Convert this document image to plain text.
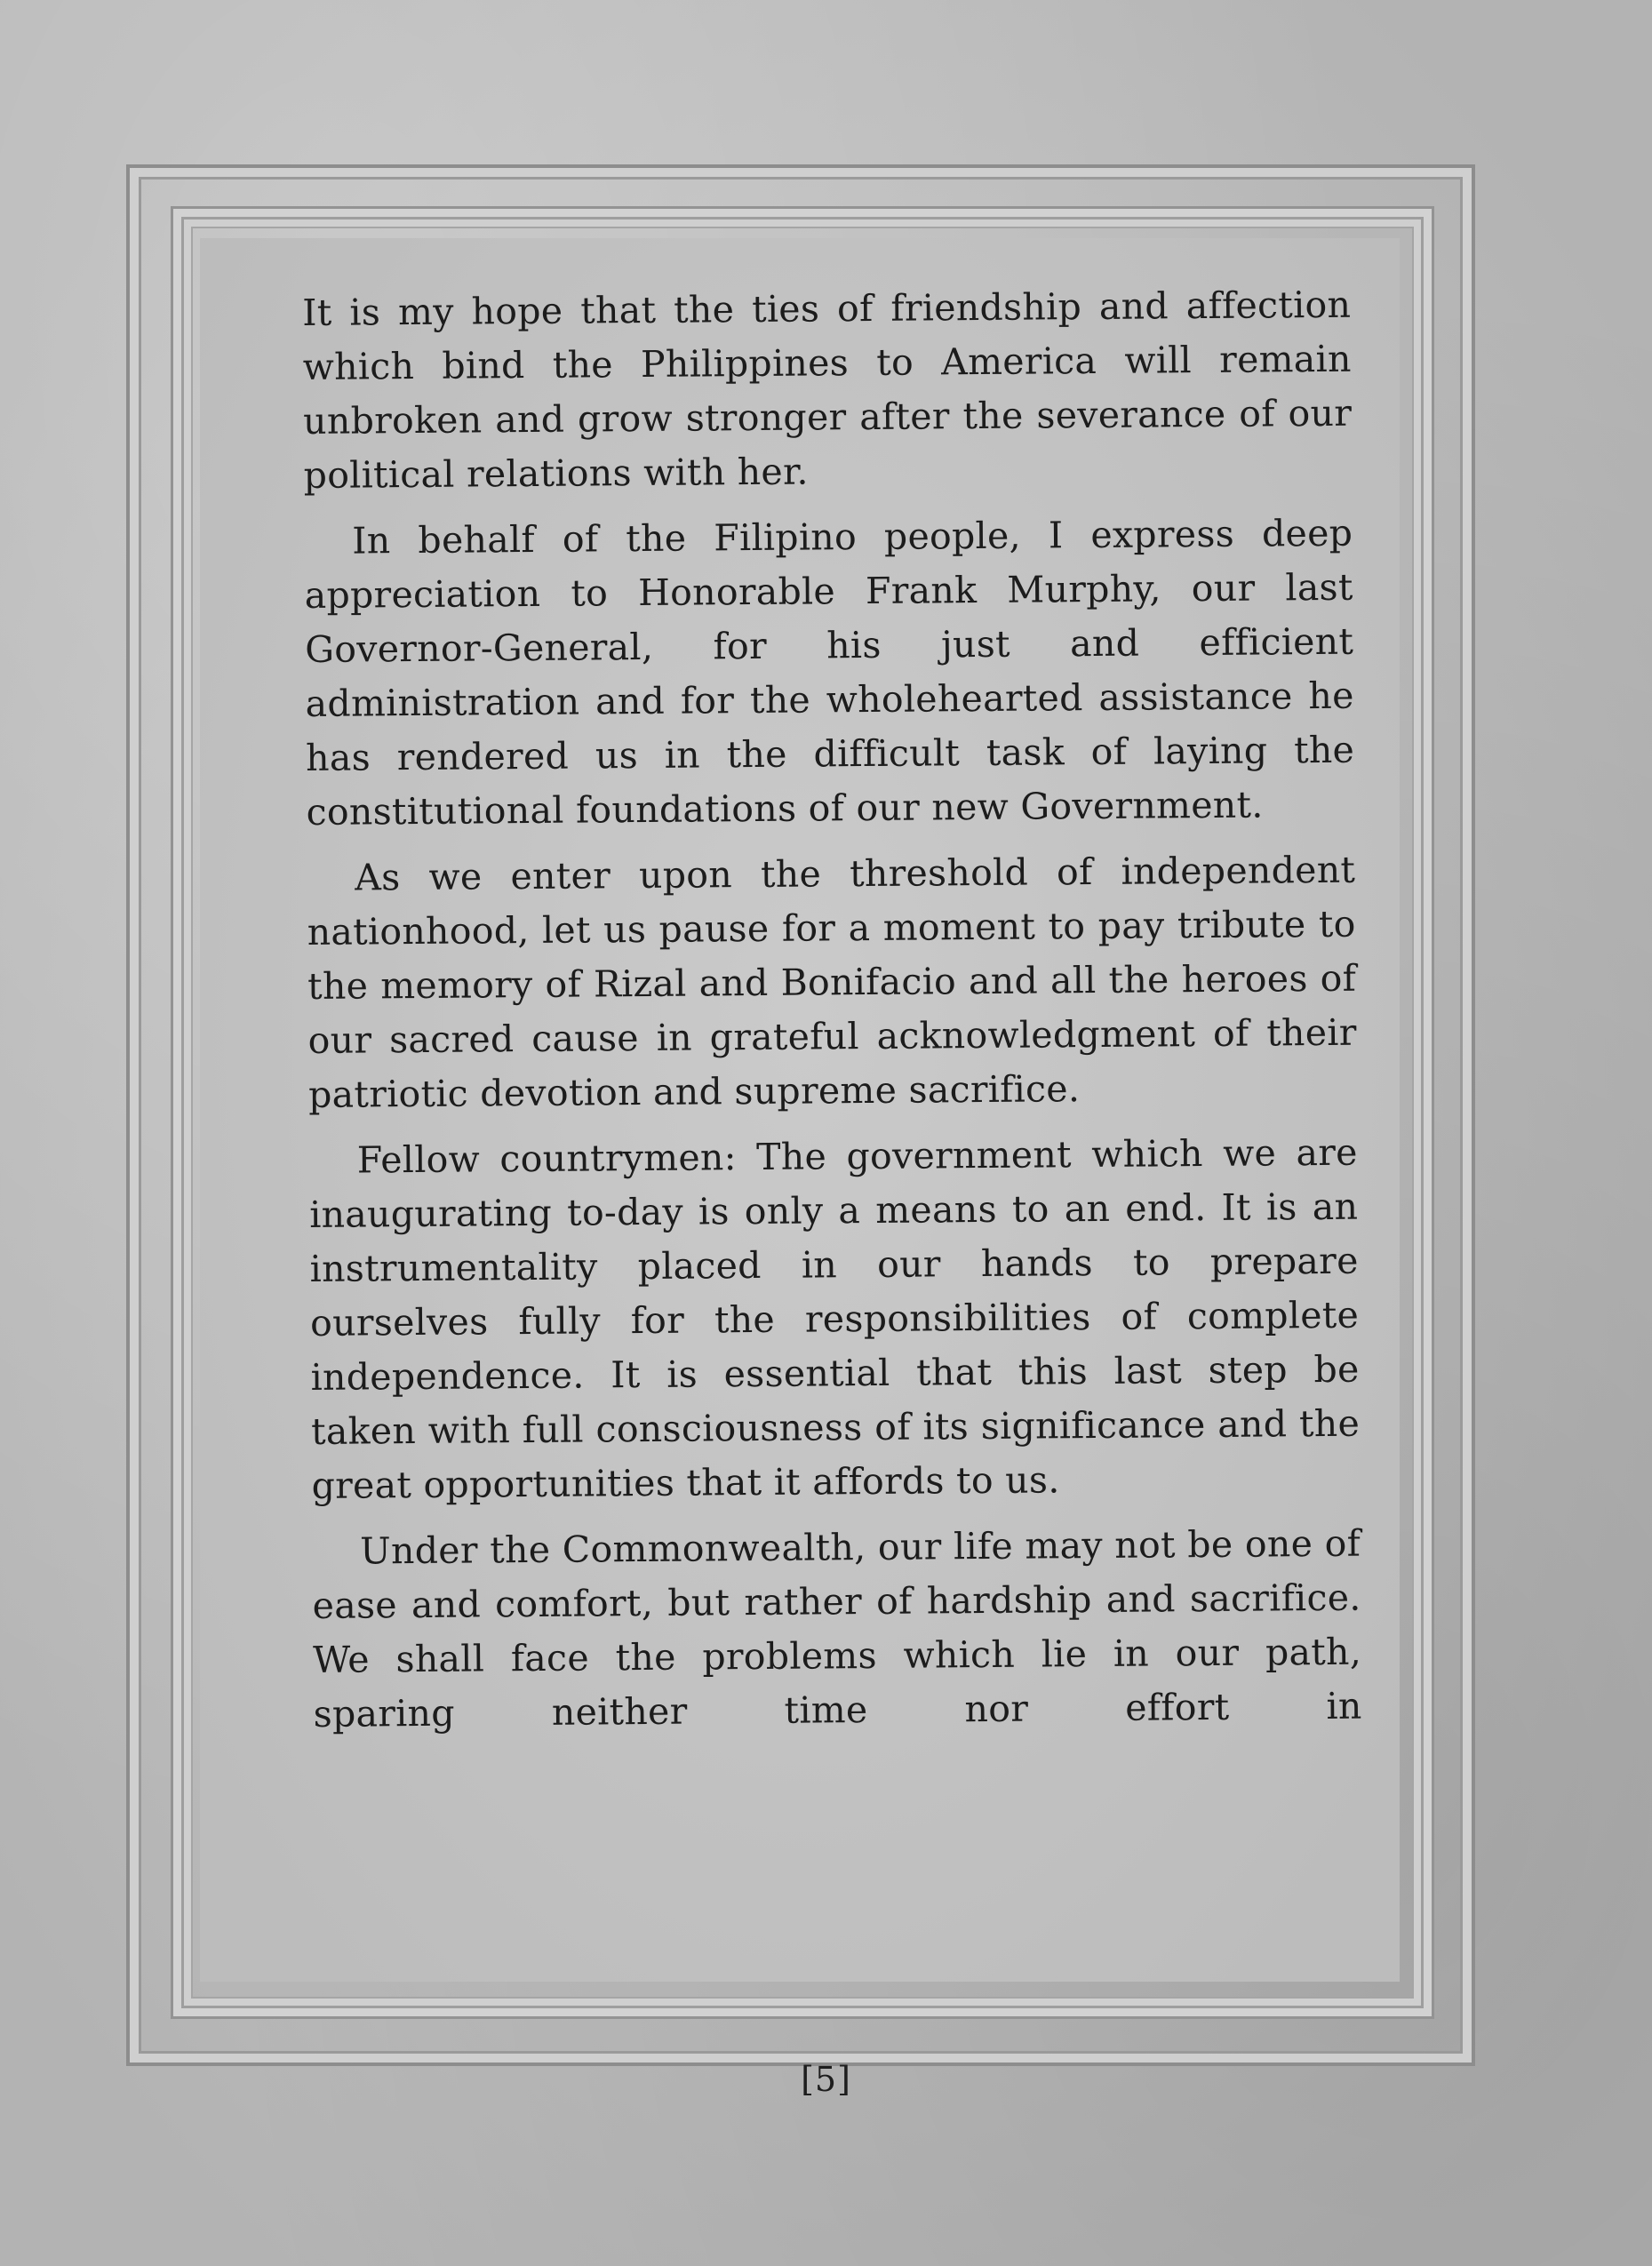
It is my hope that the ties of friendship and affection which bind the Philippines to America will remain unbroken and grow stronger after the severance of our political relations with her.

In behalf of the Filipino people, I express deep appreciation to Honorable Frank Murphy, our last Governor-General, for his just and efficient administration and for the wholehearted assistance he has rendered us in the difficult task of laying the constitutional foundations of our new Government.

As we enter upon the threshold of independent nationhood, let us pause for a moment to pay tribute to the memory of Rizal and Bonifacio and all the heroes of our sacred cause in grateful acknowledgment of their patriotic devotion and supreme sacrifice.

Fellow countrymen: The government which we are inaugurating to-day is only a means to an end. It is an instrumentality placed in our hands to prepare ourselves fully for the responsibilities of complete independence. It is essential that this last step be taken with full consciousness of its significance and the great opportunities that it affords to us.

Under the Commonwealth, our life may not be one of ease and comfort, but rather of hardship and sacrifice. We shall face the problems which lie in our path, sparing neither time nor effort in

[5]
